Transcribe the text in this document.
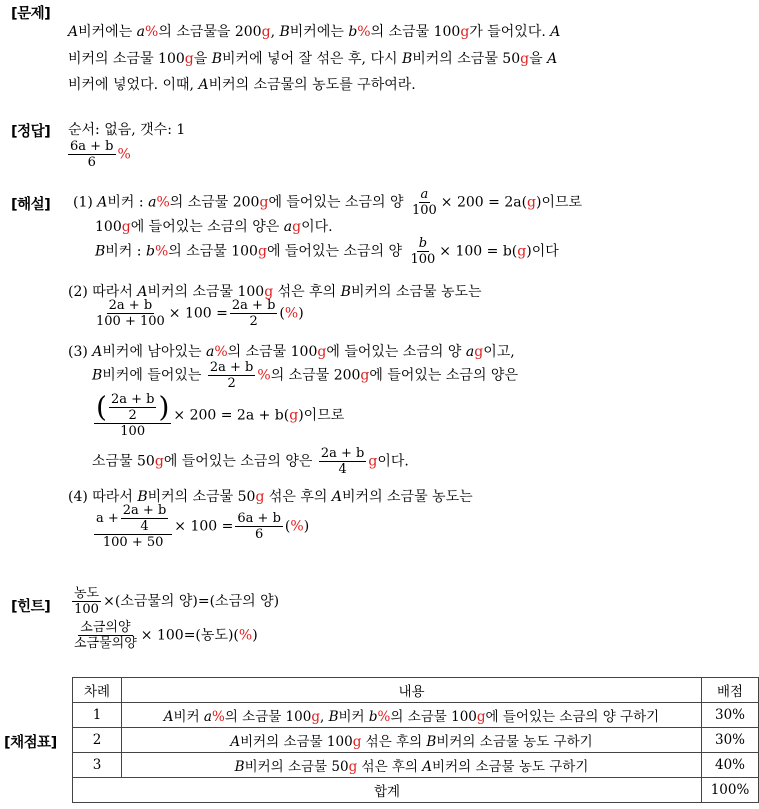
[문제]
A비커에는 a%의 소금물을 200g, B비커에는 b%의 소금물 100g가 들어있다. A
비커의 소금물 100g을 B비커에 넣어 잘 섞은 후, 다시 B비커의 소금물 50g을 A
비커에 넣었다. 이때, A비커의 소금물의 농도를 구하여라.
[정답] 순서: 없음, 갯수: 1
$\frac{6a + b}{6}$ %
[해설] (1) A비커 : a%의 소금물 200g에 들어있는 소금의 양 $\frac{a}{100} \times 200 = 2a(g)$이므로
100g에 들어있는 소금의 양은 ag이다.
B비커 : b%의 소금물 100g에 들어있는 소금의 양 $\frac{b}{100} \times 100 = b(g)$이다
(2) 따라서 A비커의 소금물 100g 섞은 후의 B비커의 소금물 농도는
$\frac{2a + b}{100 + 100} \times 100 = \frac{2a + b}{2}$ (%)
(3) A비커에 남아있는 a%의 소금물 100g에 들어있는 소금의 양 ag이고,
B비커에 들어있는 $\frac{2a + b}{2}$ %의 소금물 200g에 들어있는 소금의 양은
$\frac{( \frac{2a + b}{2} )}{100} \times 200 = 2a + b(g)$이므로
소금물 50g에 들어있는 소금의 양은 $\frac{2a + b}{4}$ g이다.
(4) 따라서 B비커의 소금물 50g 섞은 후의 A비커의 소금물 농도는
$\frac{a + \frac{2a + b}{4}}{100 + 50} \times 100 = \frac{6a + b}{6}$ (%)
[힌트] $\frac{\text{농도}}{100}$ ×(소금물의 양)=(소금의 양)
$\frac{\text{소금의양}}{\text{소금물의양}} \times 100=$(농도)(%)
[채점표]
차례	내용	배점
1	A비커 a%의 소금물 100g, B비커 b%의 소금물 100g에 들어있는 소금의 양 구하기	30%
2	A비커의 소금물 100g 섞은 후의 B비커의 소금물 농도 구하기	30%
3	B비커의 소금물 50g 섞은 후의 A비커의 소금물 농도 구하기	40%
합계		100%
